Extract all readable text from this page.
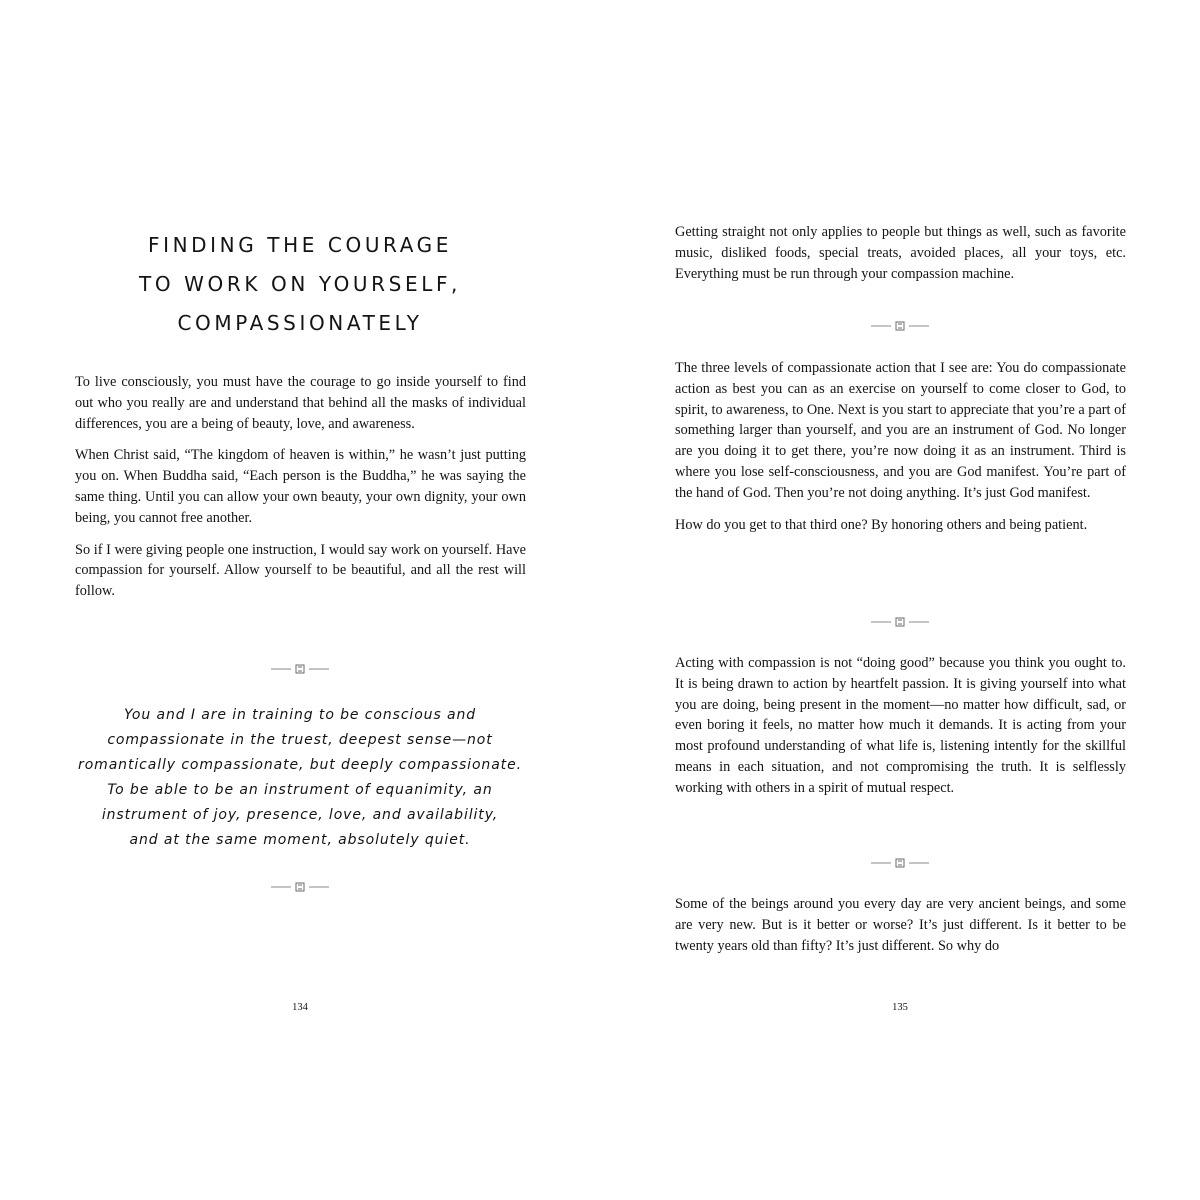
FINDING THE COURAGE
TO WORK ON YOURSELF,
COMPASSIONATELY

To live consciously, you must have the courage to go inside yourself to find out who you really are and understand that behind all the masks of individual differences, you are a being of beauty, love, and awareness.

When Christ said, “The kingdom of heaven is within,” he wasn’t just putting you on. When Buddha said, “Each person is the Buddha,” he was saying the same thing. Until you can allow your own beauty, your own dignity, your own being, you cannot free another.

So if I were giving people one instruction, I would say work on yourself. Have compassion for yourself. Allow yourself to be beautiful, and all the rest will follow.

You and I are in training to be conscious and
compassionate in the truest, deepest sense—not
romantically compassionate, but deeply compassionate.
To be able to be an instrument of equanimity, an
instrument of joy, presence, love, and availability,
and at the same moment, absolutely quiet.
134

Getting straight not only applies to people but things as well, such as favorite music, disliked foods, special treats, avoided places, all your toys, etc. Everything must be run through your compassion machine.

The three levels of compassionate action that I see are: You do compassionate action as best you can as an exercise on yourself to come closer to God, to spirit, to awareness, to One. Next is you start to appreciate that you’re a part of something larger than yourself, and you are an instrument of God. No longer are you doing it to get there, you’re now doing it as an instrument. Third is where you lose self-consciousness, and you are God manifest. You’re part of the hand of God. Then you’re not doing anything. It’s just God manifest.

How do you get to that third one? By honoring others and being patient.

Acting with compassion is not “doing good” because you think you ought to. It is being drawn to action by heartfelt passion. It is giving yourself into what you are doing, being present in the moment—no matter how difficult, sad, or even boring it feels, no matter how much it demands. It is acting from your most profound understanding of what life is, listening intently for the skillful means in each situation, and not compromising the truth. It is selflessly working with others in a spirit of mutual respect.

Some of the beings around you every day are very ancient beings, and some are very new. But is it better or worse? It’s just different. Is it better to be twenty years old than fifty? It’s just different. So why do

135
